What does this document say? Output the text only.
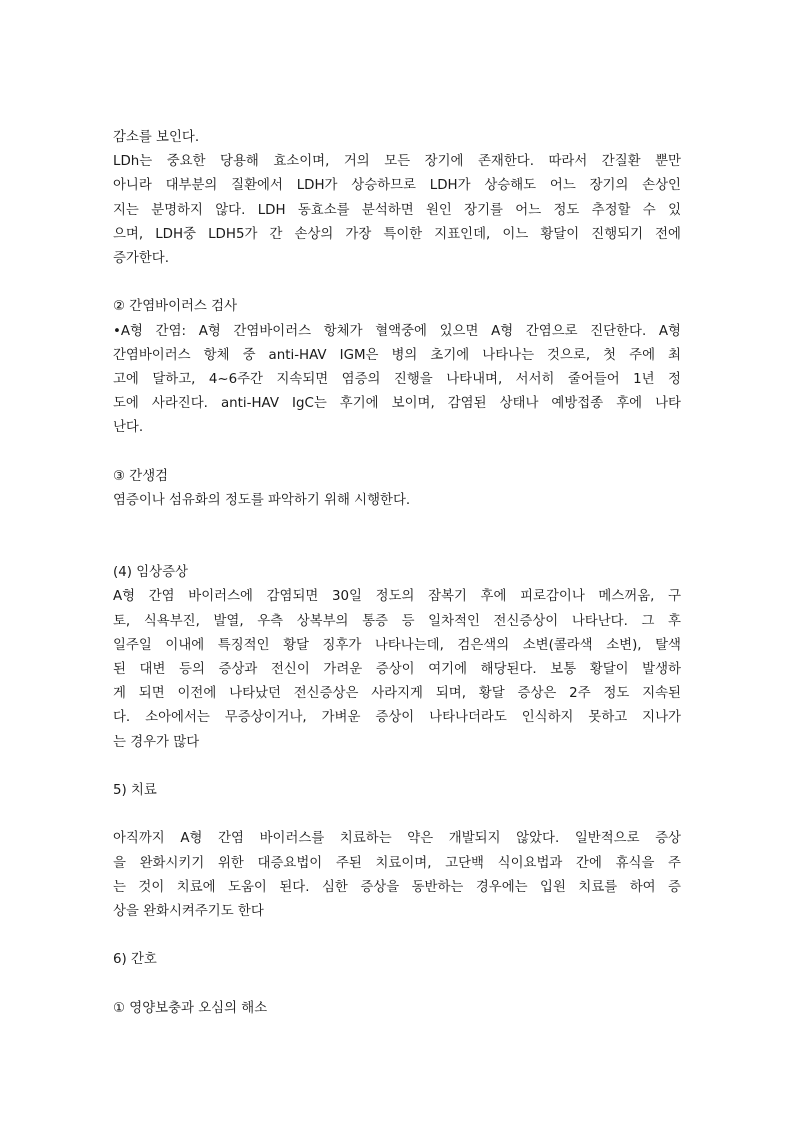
감소를 보인다.
LDh는 중요한 당용해 효소이며, 거의 모든 장기에 존재한다. 따라서 간질환 뿐만
아니라 대부분의 질환에서 LDH가 상승하므로 LDH가 상승해도 어느 장기의 손상인
지는 분명하지 않다. LDH 동효소를 분석하면 원인 장기를 어느 정도 추정할 수 있
으며, LDH중 LDH5가 간 손상의 가장 특이한 지표인데, 이느 황달이 진행되기 전에
증가한다.
② 간염바이러스 검사
•A형 간염: A형 간염바이러스 항체가 혈액중에 있으면 A형 간염으로 진단한다. A형
간염바이러스 항체 중 anti-HAV IGM은 병의 초기에 나타나는 것으로, 첫 주에 최
고에 달하고, 4~6주간 지속되면 염증의 진행을 나타내며, 서서히 줄어들어 1년 정
도에 사라진다. anti-HAV IgC는 후기에 보이며, 감염된 상태나 예방접종 후에 나타
난다.
③ 간생검
염증이나 섬유화의 정도를 파악하기 위해 시행한다.
(4) 임상증상
A형 간염 바이러스에 감염되면 30일 정도의 잠복기 후에 피로감이나 메스꺼움, 구
토, 식욕부진, 발열, 우측 상복부의 통증 등 일차적인 전신증상이 나타난다. 그 후
일주일 이내에 특징적인 황달 징후가 나타나는데, 검은색의 소변(콜라색 소변), 탈색
된 대변 등의 증상과 전신이 가려운 증상이 여기에 해당된다. 보통 황달이 발생하
게 되면 이전에 나타났던 전신증상은 사라지게 되며, 황달 증상은 2주 정도 지속된
다. 소아에서는 무증상이거나, 가벼운 증상이 나타나더라도 인식하지 못하고 지나가
는 경우가 많다
5) 치료
아직까지 A형 간염 바이러스를 치료하는 약은 개발되지 않았다. 일반적으로 증상
을 완화시키기 위한 대증요법이 주된 치료이며, 고단백 식이요법과 간에 휴식을 주
는 것이 치료에 도움이 된다. 심한 증상을 동반하는 경우에는 입원 치료를 하여 증
상을 완화시켜주기도 한다
6) 간호
① 영양보충과 오심의 해소
